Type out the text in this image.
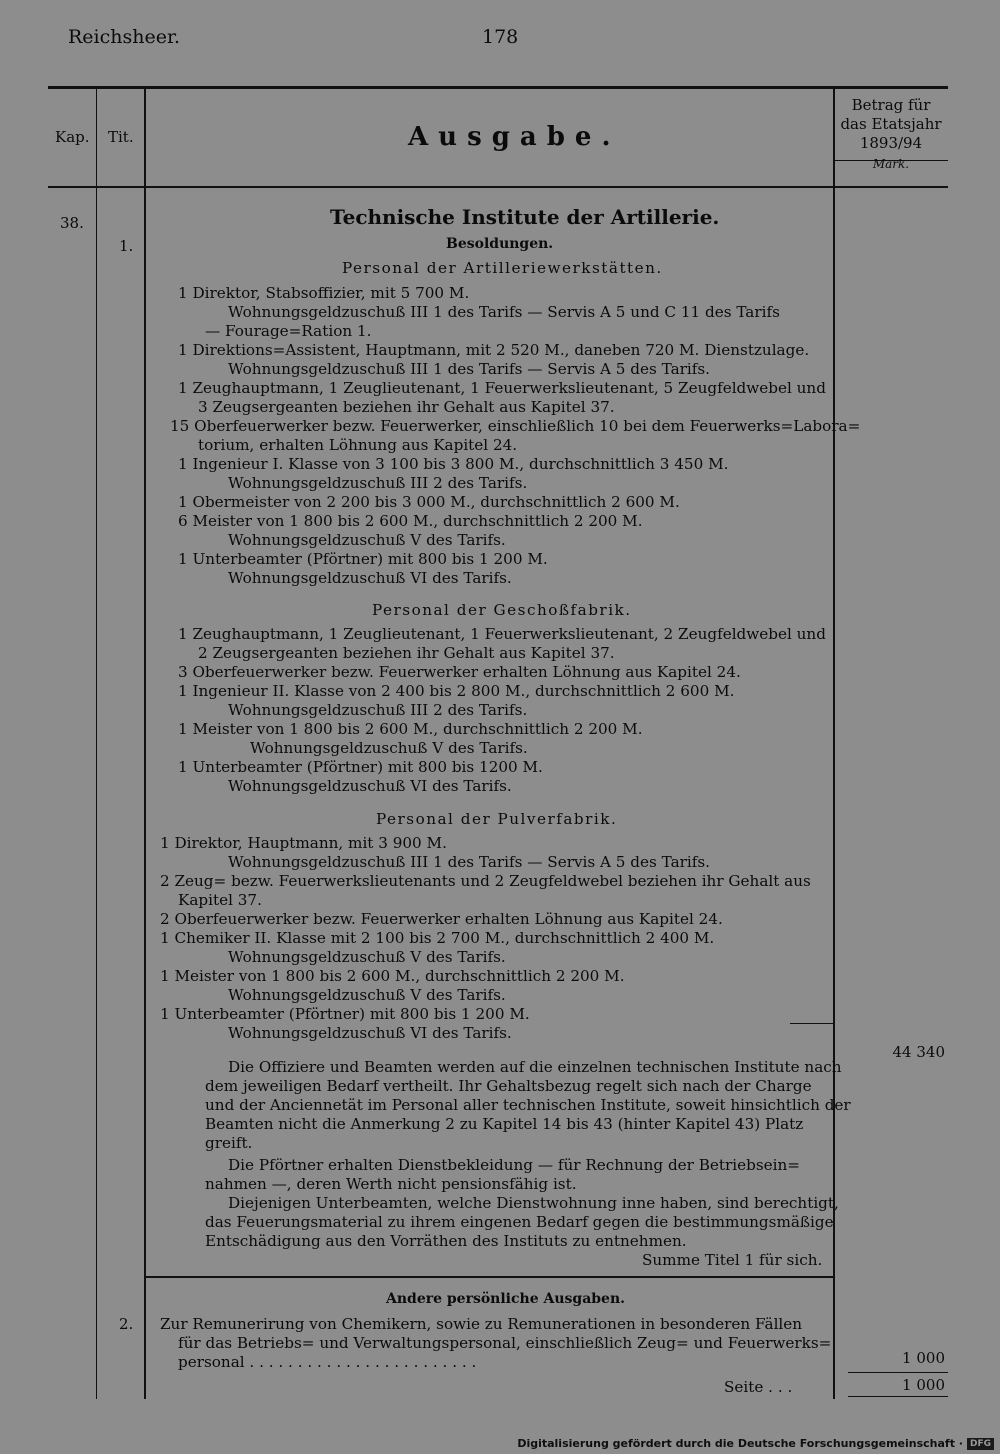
Reichsheer.	178
Kap. Tit.	Ausgabe.
Betrag für
das Etatsjahr
1893/94
Mark.
38.
1.
2.
Technische Institute der Artillerie.
Besoldungen.
Personal der Artilleriewerkstätten.
1 Direktor, Stabsoffizier, mit 5 700 M.
Wohnungsgeldzuschuß III 1 des Tarifs — Servis A 5 und C 11 des Tarifs
— Fourage=Ration 1.
1 Direktions=Assistent, Hauptmann, mit 2 520 M., daneben 720 M. Dienstzulage.
Wohnungsgeldzuschuß III 1 des Tarifs — Servis A 5 des Tarifs.
1 Zeughauptmann, 1 Zeuglieutenant, 1 Feuerwerkslieutenant, 5 Zeugfeldwebel und
3 Zeugsergeanten beziehen ihr Gehalt aus Kapitel 37.
15 Oberfeuerwerker bezw. Feuerwerker, einschließlich 10 bei dem Feuerwerks=Labora=
torium, erhalten Löhnung aus Kapitel 24.
1 Ingenieur I. Klasse von 3 100 bis 3 800 M., durchschnittlich 3 450 M.
Wohnungsgeldzuschuß III 2 des Tarifs.
1 Obermeister von 2 200 bis 3 000 M., durchschnittlich 2 600 M.
6 Meister von 1 800 bis 2 600 M., durchschnittlich 2 200 M.
Wohnungsgeldzuschuß V des Tarifs.
1 Unterbeamter (Pförtner) mit 800 bis 1 200 M.
Wohnungsgeldzuschuß VI des Tarifs.
Personal der Geschoßfabrik.
1 Zeughauptmann, 1 Zeuglieutenant, 1 Feuerwerkslieutenant, 2 Zeugfeldwebel und
2 Zeugsergeanten beziehen ihr Gehalt aus Kapitel 37.
3 Oberfeuerwerker bezw. Feuerwerker erhalten Löhnung aus Kapitel 24.
1 Ingenieur II. Klasse von 2 400 bis 2 800 M., durchschnittlich 2 600 M.
Wohnungsgeldzuschuß III 2 des Tarifs.
1 Meister von 1 800 bis 2 600 M., durchschnittlich 2 200 M.
Wohnungsgeldzuschuß V des Tarifs.
1 Unterbeamter (Pförtner) mit 800 bis 1200 M.
Wohnungsgeldzuschuß VI des Tarifs.
Personal der Pulverfabrik.
1 Direktor, Hauptmann, mit 3 900 M.
Wohnungsgeldzuschuß III 1 des Tarifs — Servis A 5 des Tarifs.
2 Zeug= bezw. Feuerwerkslieutenants und 2 Zeugfeldwebel beziehen ihr Gehalt aus
Kapitel 37.
2 Oberfeuerwerker bezw. Feuerwerker erhalten Löhnung aus Kapitel 24.
1 Chemiker II. Klasse mit 2 100 bis 2 700 M., durchschnittlich 2 400 M.
Wohnungsgeldzuschuß V des Tarifs.
1 Meister von 1 800 bis 2 600 M., durchschnittlich 2 200 M.
Wohnungsgeldzuschuß V des Tarifs.
1 Unterbeamter (Pförtner) mit 800 bis 1 200 M.
Wohnungsgeldzuschuß VI des Tarifs.
Die Offiziere und Beamten werden auf die einzelnen technischen Institute nach
dem jeweiligen Bedarf vertheilt. Ihr Gehaltsbezug regelt sich nach der Charge
und der Anciennetät im Personal aller technischen Institute, soweit hinsichtlich der
Beamten nicht die Anmerkung 2 zu Kapitel 14 bis 43 (hinter Kapitel 43) Platz
greift.
Die Pförtner erhalten Dienstbekleidung — für Rechnung der Betriebsein=
nahmen —, deren Werth nicht pensionsfähig ist.
Diejenigen Unterbeamten, welche Dienstwohnung inne haben, sind berechtigt,
das Feuerungsmaterial zu ihrem eingenen Bedarf gegen die bestimmungsmäßige
Entschädigung aus den Vorräthen des Instituts zu entnehmen.
Summe Titel 1 für sich.
44 340
Andere persönliche Ausgaben.
Zur Remunerirung von Chemikern, sowie zu Remunerationen in besonderen Fällen
für das Betriebs= und Verwaltungspersonal, einschließlich Zeug= und Feuerwerks=
personal . . . . . . . . . . . . . . . . . . . . . . . .	1 000
Seite . . .	1 000
Digitalisierung gefördert durch die Deutsche Forschungsgemeinschaft · DFG
